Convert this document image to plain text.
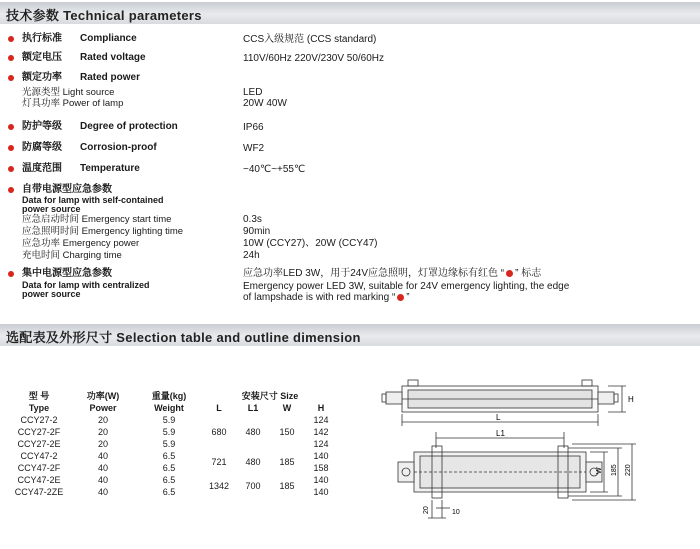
技术参数 Technical parameters
执行标准 Compliance	CCS入级规范 (CCS standard)
额定电压 Rated voltage	110V/60Hz 220V/230V 50/60Hz
额定功率 Rated power
光源类型 Light source	LED
灯具功率 Power of lamp	20W 40W
防护等级 Degree of protection	IP66
防腐等级 Corrosion-proof	WF2
温度范围 Temperature	−40℃~+55℃
自带电源型应急参数
Data for lamp with self-contained
power source
应急启动时间 Emergency start time	0.3s
应急照明时间 Emergency lighting time	90min
应急功率 Emergency power	10W (CCY27)、20W (CCY47)
充电时间 Charging time	24h
集中电源型应急参数
Data for lamp with centralized
power source
应急功率LED 3W，用于24V应急照明，灯罩边缘标有红色 “ ” 标志
Emergency power LED 3W, suitable for 24V emergency lighting, the edge
of lampshade is with red marking “ ”
选配表及外形尺寸 Selection table and outline dimension
型 号	功率(W)	重量(kg)	安装尺寸 Size			
Type	Power	Weight	L	L1	W	H
CCY27-2	20	5.9	680	480	150	124
CCY27-2F	20	5.9				142
CCY27-2E	20	5.9				124
CCY47-2	40	6.5	721	480	185	140
CCY47-2F	40	6.5				158
CCY47-2E	40	6.5	1342	700	185	140
CCY47-2ZE	40	6.5				140
H
L
L1
W 185 220
20	10
